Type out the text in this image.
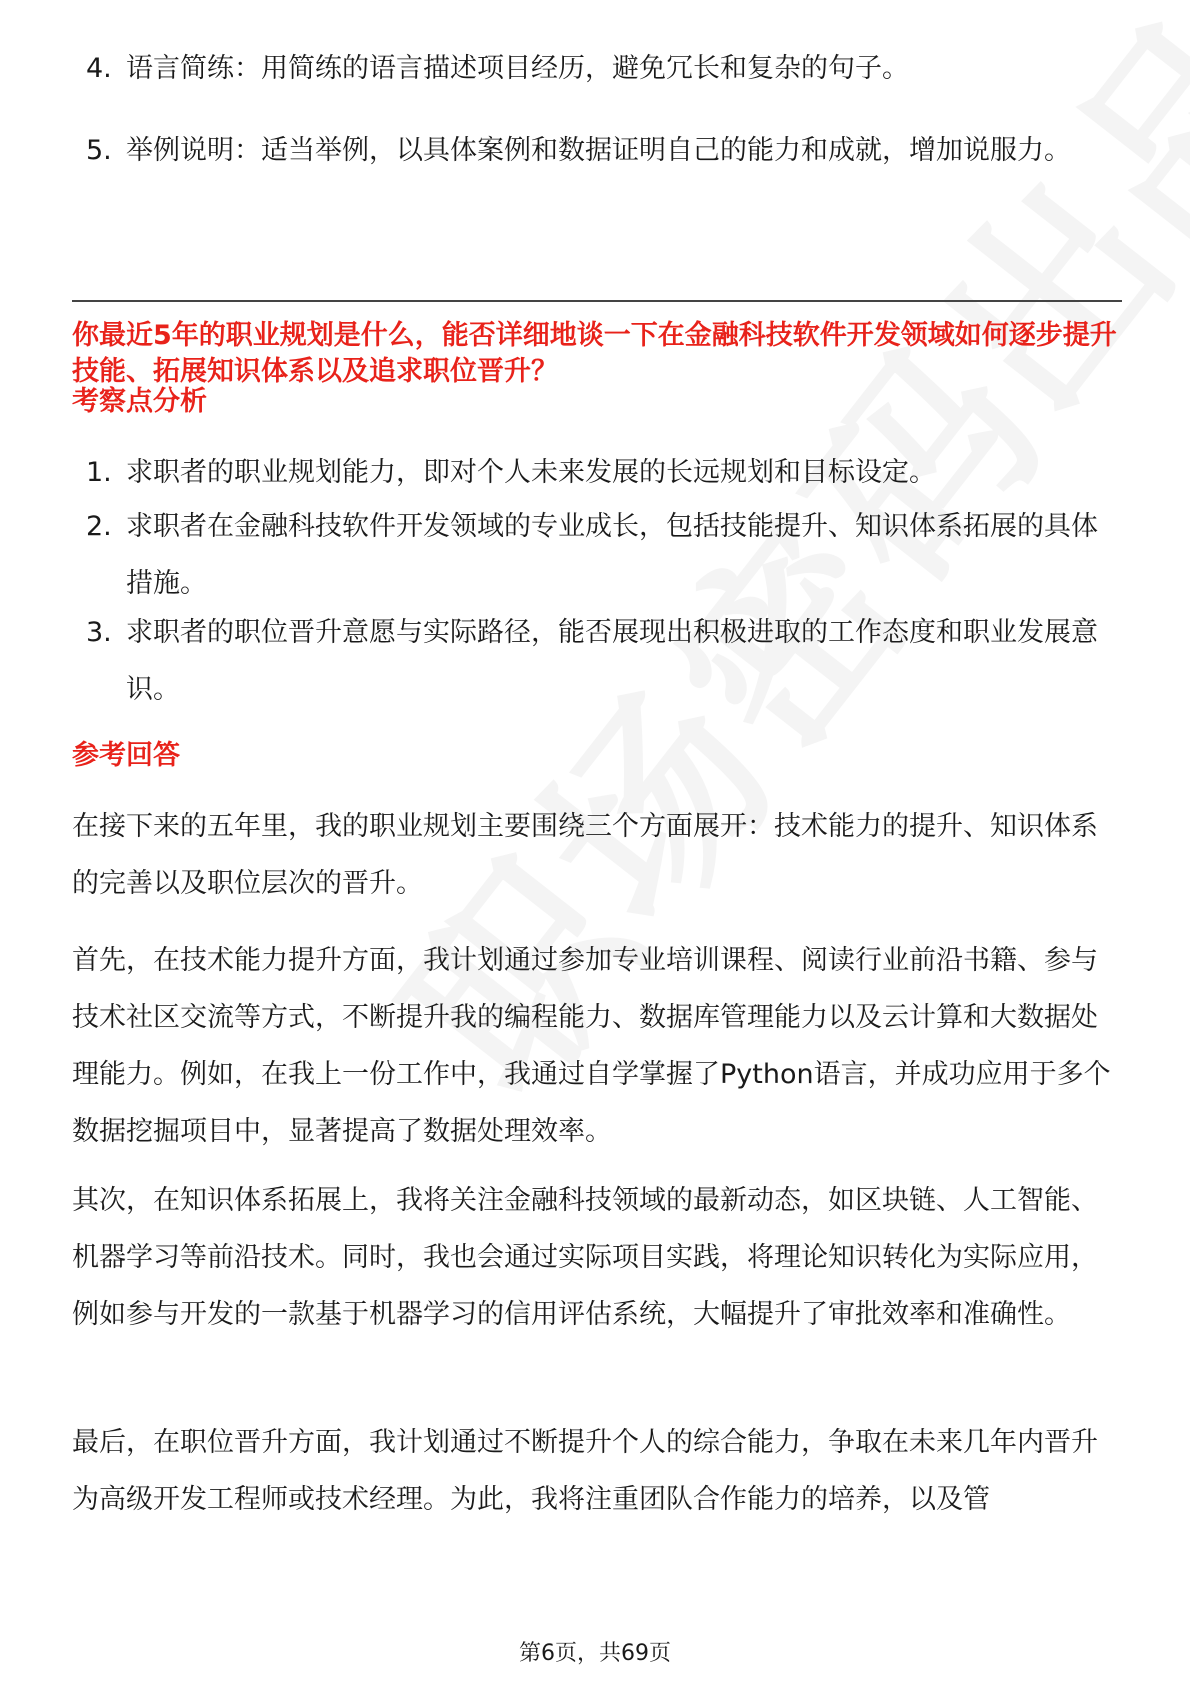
4. 语言简练：用简练的语言描述项目经历，避免冗长和复杂的句子。
5. 举例说明：适当举例，以具体案例和数据证明自己的能力和成就，增加说服力。
你最近5年的职业规划是什么，能否详细地谈一下在金融科技软件开发领域如何逐步提升技能、拓展知识体系以及追求职位晋升？
考察点分析
1. 求职者的职业规划能力，即对个人未来发展的长远规划和目标设定。
2. 求职者在金融科技软件开发领域的专业成长，包括技能提升、知识体系拓展的具体措施。
3. 求职者的职位晋升意愿与实际路径，能否展现出积极进取的工作态度和职业发展意识。
参考回答
在接下来的五年里，我的职业规划主要围绕三个方面展开：技术能力的提升、知识体系的完善以及职位层次的晋升。
首先，在技术能力提升方面，我计划通过参加专业培训课程、阅读行业前沿书籍、参与技术社区交流等方式，不断提升我的编程能力、数据库管理能力以及云计算和大数据处理能力。例如，在我上一份工作中，我通过自学掌握了Python语言，并成功应用于多个数据挖掘项目中，显著提高了数据处理效率。
其次，在知识体系拓展上，我将关注金融科技领域的最新动态，如区块链、人工智能、机器学习等前沿技术。同时，我也会通过实际项目实践，将理论知识转化为实际应用，例如参与开发的一款基于机器学习的信用评估系统，大幅提升了审批效率和准确性。
最后，在职位晋升方面，我计划通过不断提升个人的综合能力，争取在未来几年内晋升为高级开发工程师或技术经理。为此，我将注重团队合作能力的培养，以及管
第6页，共69页
